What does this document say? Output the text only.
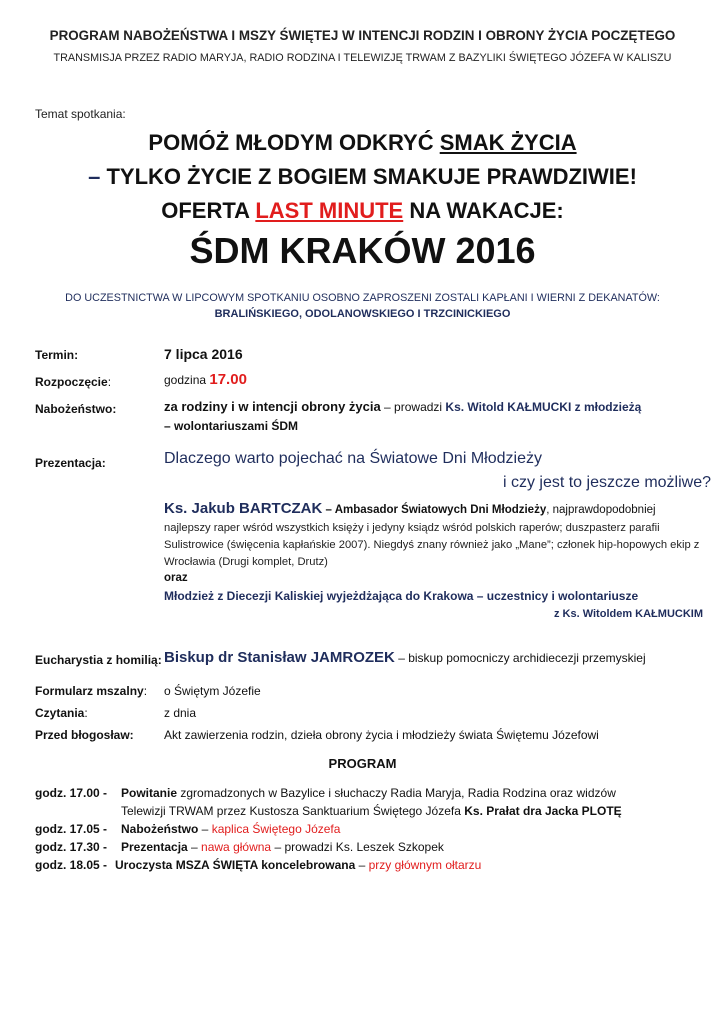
PROGRAM NABOŻEŃSTWA I MSZY ŚWIĘTEJ W INTENCJI RODZIN I OBRONY ŻYCIA POCZĘTEGO
TRANSMISJA PRZEZ RADIO MARYJA, RADIO RODZINA I TELEWIZJĘ TRWAM Z BAZYLIKI ŚWIĘTEGO JÓZEFA W KALISZU
Temat spotkania:
POMÓŻ MŁODYM ODKRYĆ SMAK ŻYCIA
– TYLKO ŻYCIE Z BOGIEM SMAKUJE PRAWDZIWIE!
OFERTA LAST MINUTE NA WAKACJE:
ŚDM KRAKÓW 2016
DO UCZESTNICTWA W LIPCOWYM SPOTKANIU OSOBNO ZAPROSZENI ZOSTALI KAPŁANI I WIERNI Z DEKANATÓW:
BRALIŃSKIEGO, ODOLANOWSKIEGO I TRZCINICKIEGO
Termin:	7 lipca 2016
Rozpoczęcie:	godzina 17.00
Nabożeństwo:	za rodziny i w intencji obrony życia – prowadzi Ks. Witold KAŁMUCKI z młodzieżą
– wolontariuszami ŚDM
Prezentacja:	Dlaczego warto pojechać na Światowe Dni Młodzieży
i czy jest to jeszcze możliwe?
Ks. Jakub BARTCZAK – Ambasador Światowych Dni Młodzieży, najprawdopodobniej
najlepszy raper wśród wszystkich księży i jedyny ksiądz wśród polskich raperów; duszpasterz parafii Sulistrowice (święcenia kapłańskie 2007). Niegdyś znany również jako „Mane”; członek hip-hopowych ekip z Wrocławia (Drugi komplet, Drutz)
oraz
Młodzież z Diecezji Kaliskiej wyjeżdżająca do Krakowa – uczestnicy i wolontariusze
z Ks. Witoldem KAŁMUCKIM
Eucharystia z homilią: Biskup dr Stanisław JAMROZEK – biskup pomocniczy archidiecezji przemyskiej
Formularz mszalny: o Świętym Józefie
Czytania:	z dnia
Przed błogosław:	Akt zawierzenia rodzin, dzieła obrony życia i młodzieży świata Świętemu Józefowi
PROGRAM
godz. 17.00 - Powitanie zgromadzonych w Bazylice i słuchaczy Radia Maryja, Radia Rodzina oraz widzów
Telewizji TRWAM przez Kustosza Sanktuarium Świętego Józefa Ks. Prałat dra Jacka PLOTĘ
godz. 17.05 - Nabożeństwo – kaplica Świętego Józefa
godz. 17.30 - Prezentacja – nawa główna – prowadzi Ks. Leszek Szkopek
godz. 18.05 - Uroczysta MSZA ŚWIĘTA koncelebrowana – przy głównym ołtarzu
